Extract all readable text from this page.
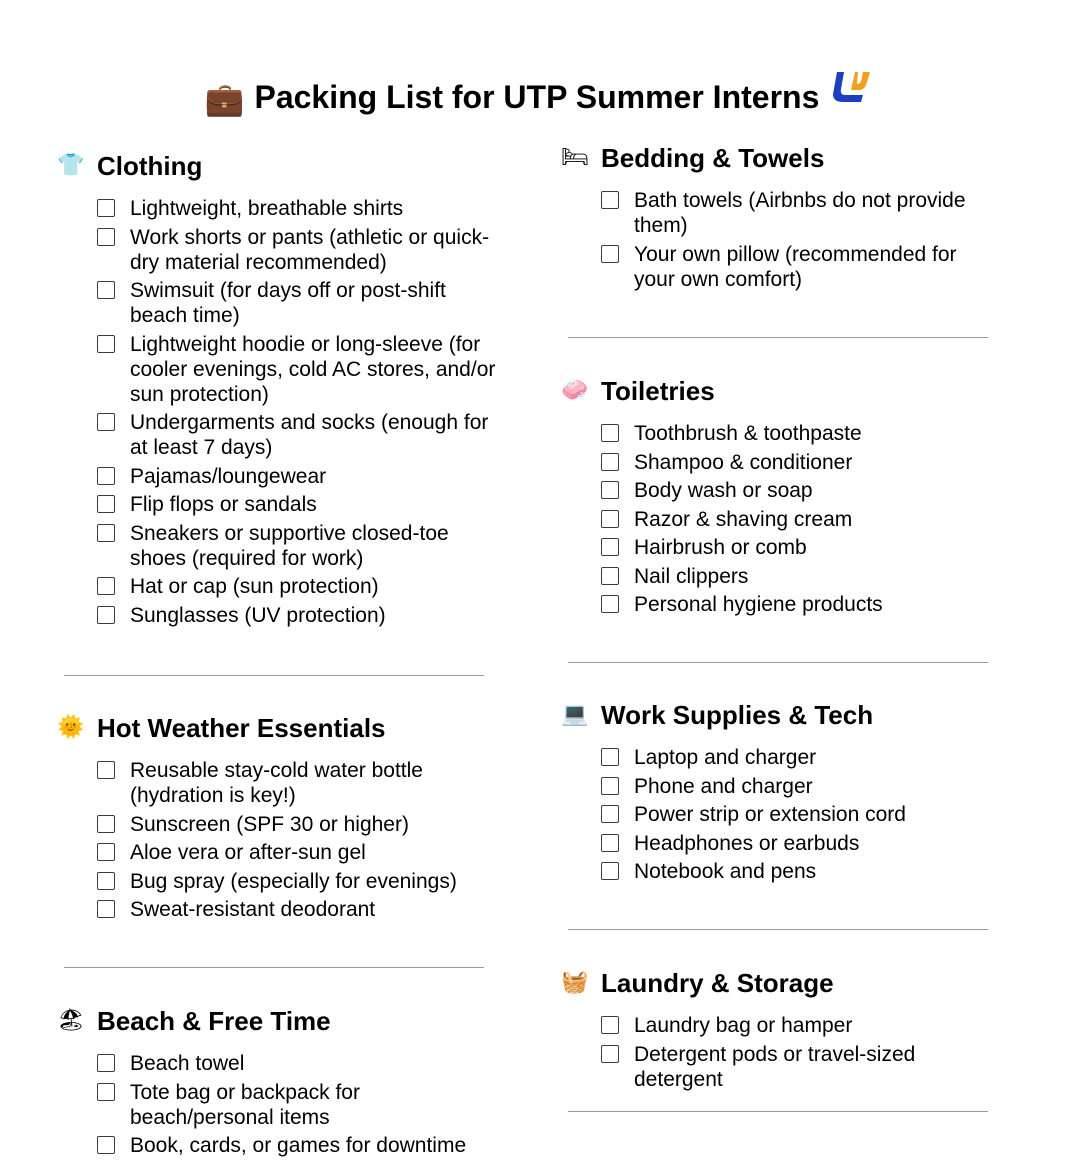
💼 Packing List for UTP Summer Interns
👕 Clothing
Lightweight, breathable shirts
Work shorts or pants (athletic or quick-dry material recommended)
Swimsuit (for days off or post-shift beach time)
Lightweight hoodie or long-sleeve (for cooler evenings, cold AC stores, and/or sun protection)
Undergarments and socks (enough for at least 7 days)
Pajamas/loungewear
Flip flops or sandals
Sneakers or supportive closed-toe shoes (required for work)
Hat or cap (sun protection)
Sunglasses (UV protection)
🌞 Hot Weather Essentials
Reusable stay-cold water bottle (hydration is key!)
Sunscreen (SPF 30 or higher)
Aloe vera or after-sun gel
Bug spray (especially for evenings)
Sweat-resistant deodorant
🏖 Beach & Free Time
Beach towel
Tote bag or backpack for beach/personal items
Book, cards, or games for downtime
🛏 Bedding & Towels
Bath towels (Airbnbs do not provide them)
Your own pillow (recommended for your own comfort)
🧼 Toiletries
Toothbrush & toothpaste
Shampoo & conditioner
Body wash or soap
Razor & shaving cream
Hairbrush or comb
Nail clippers
Personal hygiene products
💻 Work Supplies & Tech
Laptop and charger
Phone and charger
Power strip or extension cord
Headphones or earbuds
Notebook and pens
🧺 Laundry & Storage
Laundry bag or hamper
Detergent pods or travel-sized detergent
